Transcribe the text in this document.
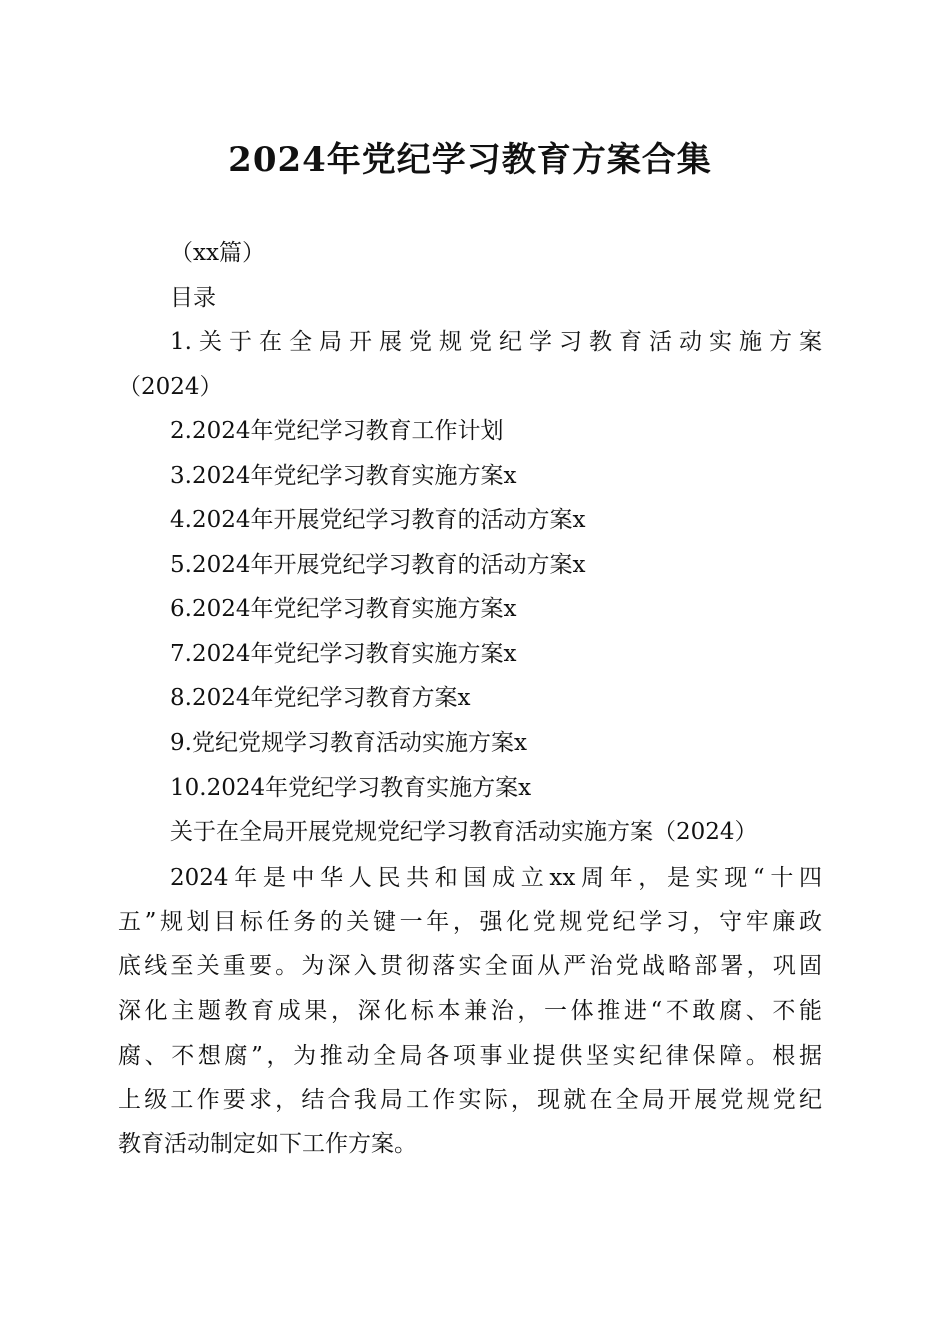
2024年党纪学习教育方案合集
（xx篇）
目录
1.关于在全局开展党规党纪学习教育活动实施方案
（2024）
2.2024年党纪学习教育工作计划
3.2024年党纪学习教育实施方案x
4.2024年开展党纪学习教育的活动方案x
5.2024年开展党纪学习教育的活动方案x
6.2024年党纪学习教育实施方案x
7.2024年党纪学习教育实施方案x
8.2024年党纪学习教育方案x
9.党纪党规学习教育活动实施方案x
10.2024年党纪学习教育实施方案x
关于在全局开展党规党纪学习教育活动实施方案（2024）
2024年是中华人民共和国成立xx周年，是实现“十四
五”规划目标任务的关键一年，强化党规党纪学习，守牢廉政
底线至关重要。为深入贯彻落实全面从严治党战略部署，巩固
深化主题教育成果，深化标本兼治，一体推进“不敢腐、不能
腐、不想腐”，为推动全局各项事业提供坚实纪律保障。根据
上级工作要求，结合我局工作实际，现就在全局开展党规党纪
教育活动制定如下工作方案。
